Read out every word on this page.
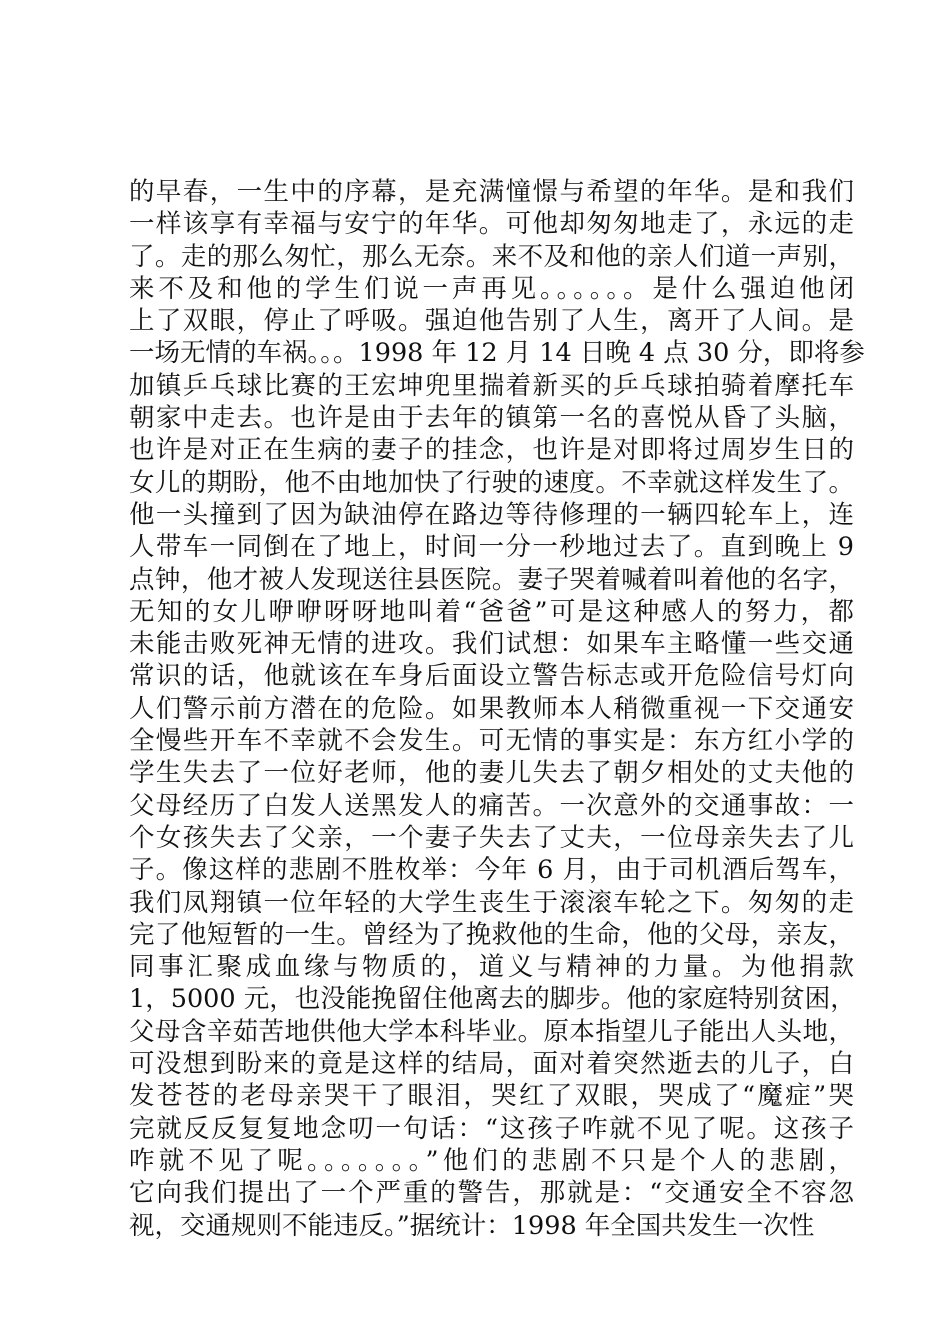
的早春，一生中的序幕，是充满憧憬与希望的年华。是和我们
一样该享有幸福与安宁的年华。可他却匆匆地走了，永远的走
了。走的那么匆忙，那么无奈。来不及和他的亲人们道一声别，
来不及和他的学生们说一声再见。。。。。。是什么强迫他闭
上了双眼，停止了呼吸。强迫他告别了人生，离开了人间。是
一场无情的车祸。。。1998 年 12 月 14 日晚 4 点 30 分，即将参
加镇乒乓球比赛的王宏坤兜里揣着新买的乒乓球拍骑着摩托车
朝家中走去。也许是由于去年的镇第一名的喜悦从昏了头脑，
也许是对正在生病的妻子的挂念，也许是对即将过周岁生日的
女儿的期盼，他不由地加快了行驶的速度。不幸就这样发生了。
他一头撞到了因为缺油停在路边等待修理的一辆四轮车上，连
人带车一同倒在了地上，时间一分一秒地过去了。直到晚上 9
点钟，他才被人发现送往县医院。妻子哭着喊着叫着他的名字，
无知的女儿咿咿呀呀地叫着“爸爸”可是这种感人的努力，都
未能击败死神无情的进攻。我们试想：如果车主略懂一些交通
常识的话，他就该在车身后面设立警告标志或开危险信号灯向
人们警示前方潜在的危险。如果教师本人稍微重视一下交通安
全慢些开车不幸就不会发生。可无情的事实是：东方红小学的
学生失去了一位好老师，他的妻儿失去了朝夕相处的丈夫他的
父母经历了白发人送黑发人的痛苦。一次意外的交通事故：一
个女孩失去了父亲，一个妻子失去了丈夫，一位母亲失去了儿
子。像这样的悲剧不胜枚举：今年 6 月，由于司机酒后驾车，
我们凤翔镇一位年轻的大学生丧生于滚滚车轮之下。匆匆的走
完了他短暂的一生。曾经为了挽救他的生命，他的父母，亲友，
同事汇聚成血缘与物质的，道义与精神的力量。为他捐款
1，5000 元，也没能挽留住他离去的脚步。他的家庭特别贫困，
父母含辛茹苦地供他大学本科毕业。原本指望儿子能出人头地，
可没想到盼来的竟是这样的结局，面对着突然逝去的儿子，白
发苍苍的老母亲哭干了眼泪，哭红了双眼，哭成了“魔症”哭
完就反反复复地念叨一句话：“这孩子咋就不见了呢。这孩子
咋就不见了呢。。。。。。。”他们的悲剧不只是个人的悲剧，
它向我们提出了一个严重的警告，那就是：“交通安全不容忽
视，交通规则不能违反。”据统计：1998 年全国共发生一次性
